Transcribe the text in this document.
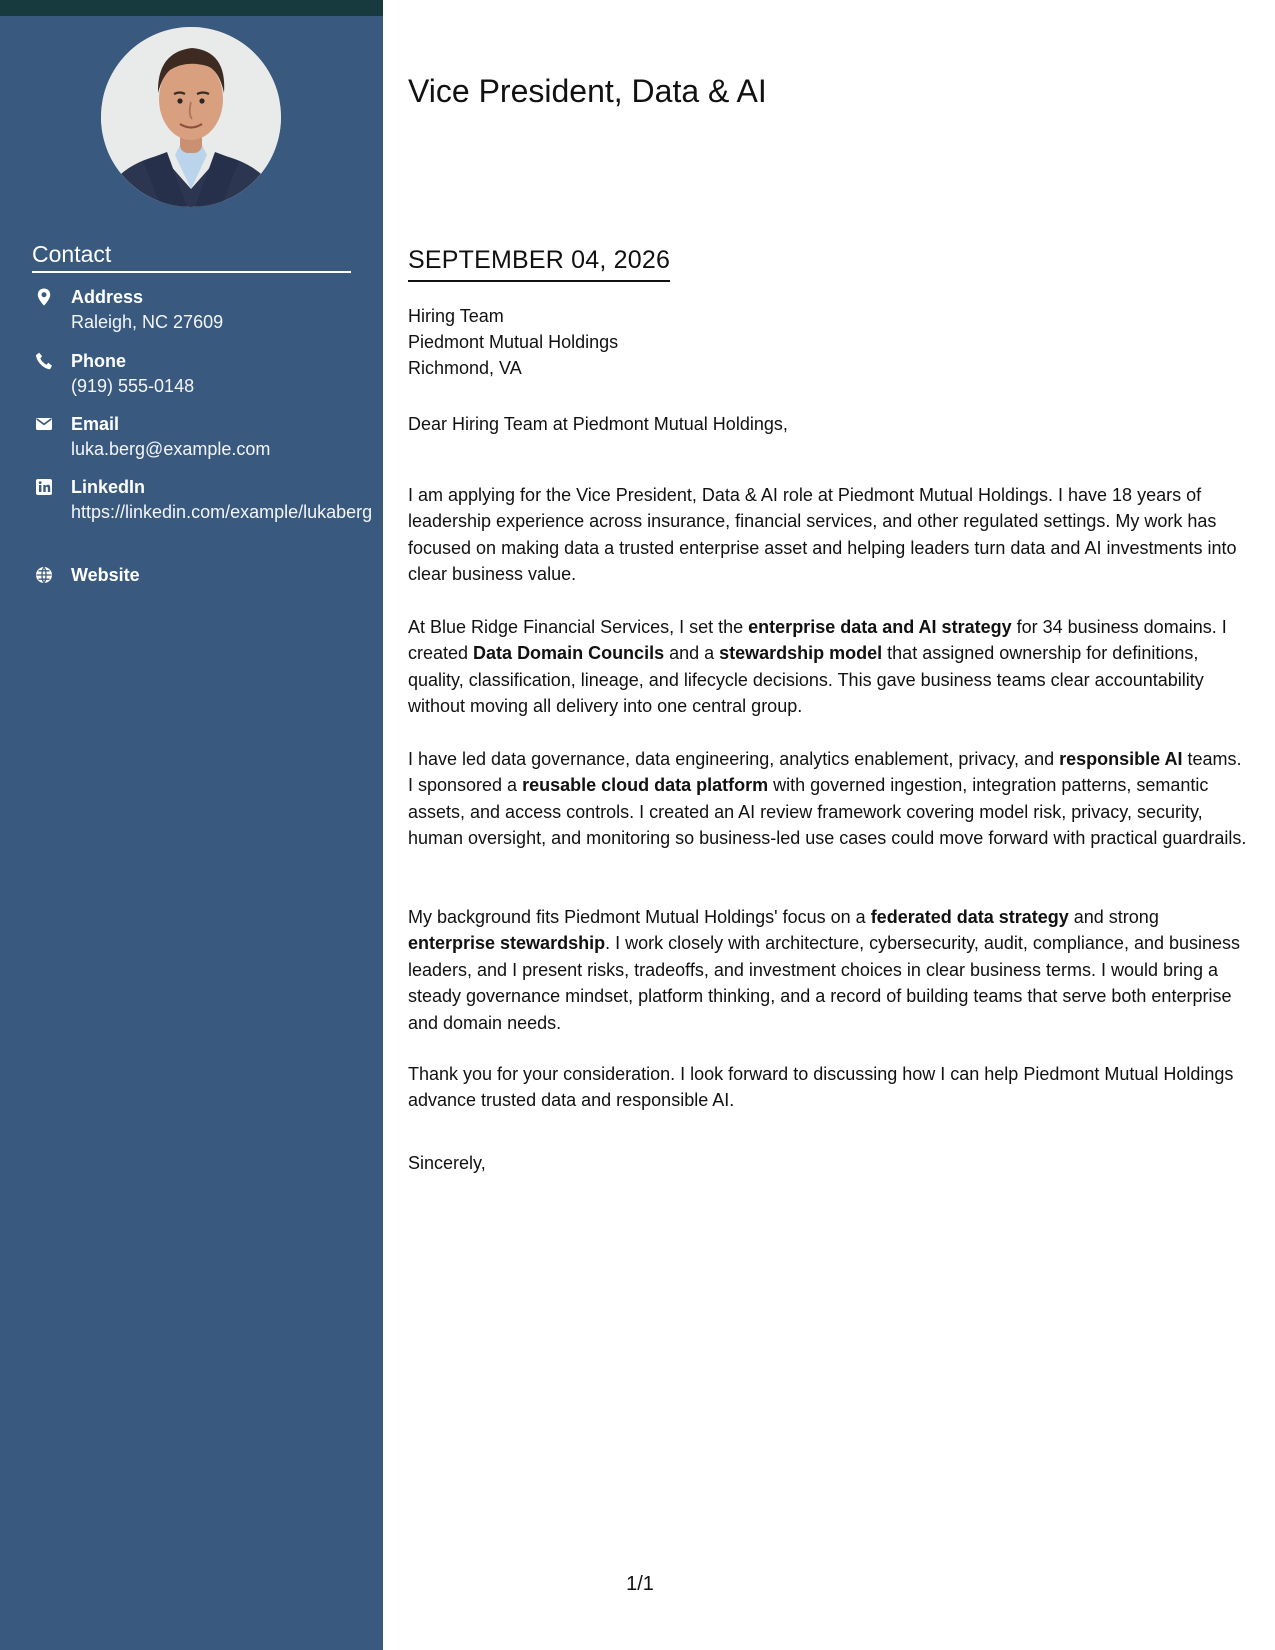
Contact
Address
Raleigh, NC 27609
Phone
(919) 555-0148
Email
luka.berg@example.com
LinkedIn
https://linkedin.com/example/lukaberg
Website
Vice President, Data & AI
SEPTEMBER 04, 2026
Hiring Team
Piedmont Mutual Holdings
Richmond, VA
Dear Hiring Team at Piedmont Mutual Holdings,

I am applying for the Vice President, Data & AI role at Piedmont Mutual Holdings. I have 18 years of leadership experience across insurance, financial services, and other regulated settings. My work has focused on making data a trusted enterprise asset and helping leaders turn data and AI investments into clear business value.

At Blue Ridge Financial Services, I set the enterprise data and AI strategy for 34 business domains. I created Data Domain Councils and a stewardship model that assigned ownership for definitions, quality, classification, lineage, and lifecycle decisions. This gave business teams clear accountability without moving all delivery into one central group.

I have led data governance, data engineering, analytics enablement, privacy, and responsible AI teams. I sponsored a reusable cloud data platform with governed ingestion, integration patterns, semantic assets, and access controls. I created an AI review framework covering model risk, privacy, security, human oversight, and monitoring so business-led use cases could move forward with practical guardrails.

My background fits Piedmont Mutual Holdings' focus on a federated data strategy and strong enterprise stewardship. I work closely with architecture, cybersecurity, audit, compliance, and business leaders, and I present risks, tradeoffs, and investment choices in clear business terms. I would bring a steady governance mindset, platform thinking, and a record of building teams that serve both enterprise and domain needs.

Thank you for your consideration. I look forward to discussing how I can help Piedmont Mutual Holdings advance trusted data and responsible AI.

Sincerely,
1/1
